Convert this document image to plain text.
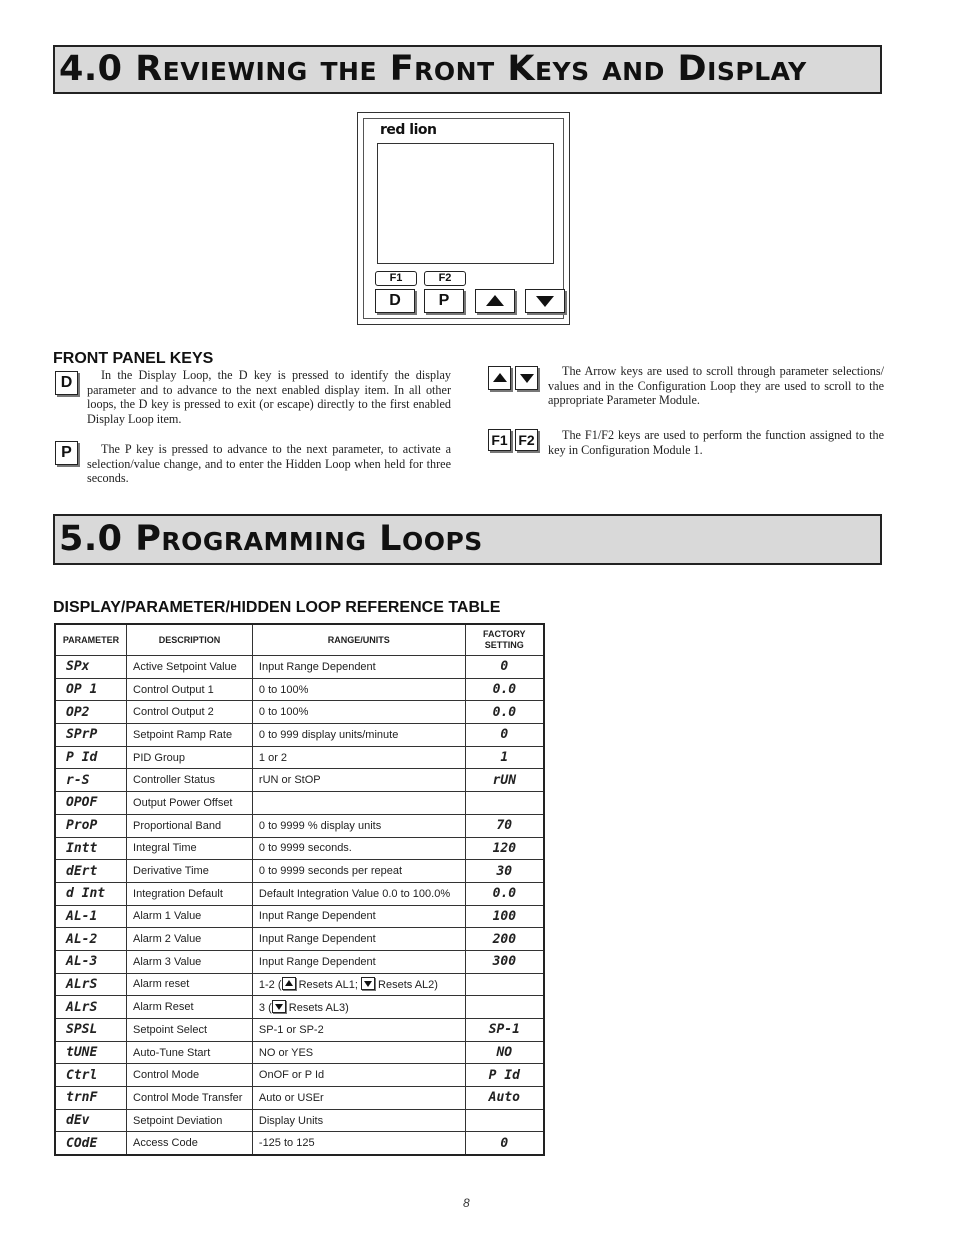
4.0 Reviewing the Front Keys and Display
red lion
F1	F2
D	P
FRONT PANEL KEYS
D	In the Display Loop, the D key is pressed to identify the display parameter and to advance to the next enabled display item. In all other loops, the D key is pressed to exit (or escape) directly to the first enabled Display Loop item.
P	The P key is pressed to advance to the next parameter, to activate a selection/value change, and to enter the Hidden Loop when held for three seconds.
The Arrow keys are used to scroll through parameter selections/ values and in the Configuration Loop they are used to scroll to the appropriate Parameter Module.
F1 F2	The F1/F2 keys are used to perform the function assigned to the key in Configuration Module 1.
5.0 Programming Loops
DISPLAY/PARAMETER/HIDDEN LOOP REFERENCE TABLE
PARAMETER	DESCRIPTION	RANGE/UNITS	FACTORY
SETTING
SPx	Active Setpoint Value	Input Range Dependent	0
OP 1	Control Output 1	0 to 100%	0.0
OP2	Control Output 2	0 to 100%	0.0
SPrP	Setpoint Ramp Rate	0 to 999 display units/minute	0
P Id	PID Group	1 or 2	1
r-S	Controller Status	rUN or StOP	rUN
OPOF	Output Power Offset		
ProP	Proportional Band	0 to 9999 % display units	70
Intt	Integral Time	0 to 9999 seconds.	120
dErt	Derivative Time	0 to 9999 seconds per repeat	30
d Int	Integration Default	Default Integration Value 0.0 to 100.0%	0.0
AL-1	Alarm 1 Value	Input Range Dependent	100
AL-2	Alarm 2 Value	Input Range Dependent	200
AL-3	Alarm 3 Value	Input Range Dependent	300
ALrS	Alarm reset	1-2 ( Resets AL1;  Resets AL2)	
ALrS	Alarm Reset	3 ( Resets AL3)	
SPSL	Setpoint Select	SP-1 or SP-2	SP-1
tUNE	Auto-Tune Start	NO or YES	NO
Ctrl	Control Mode	OnOF or P Id	P Id
trnF	Control Mode Transfer	Auto or USEr	Auto
dEv	Setpoint Deviation	Display Units	
COdE	Access Code	-125 to 125	0
8
